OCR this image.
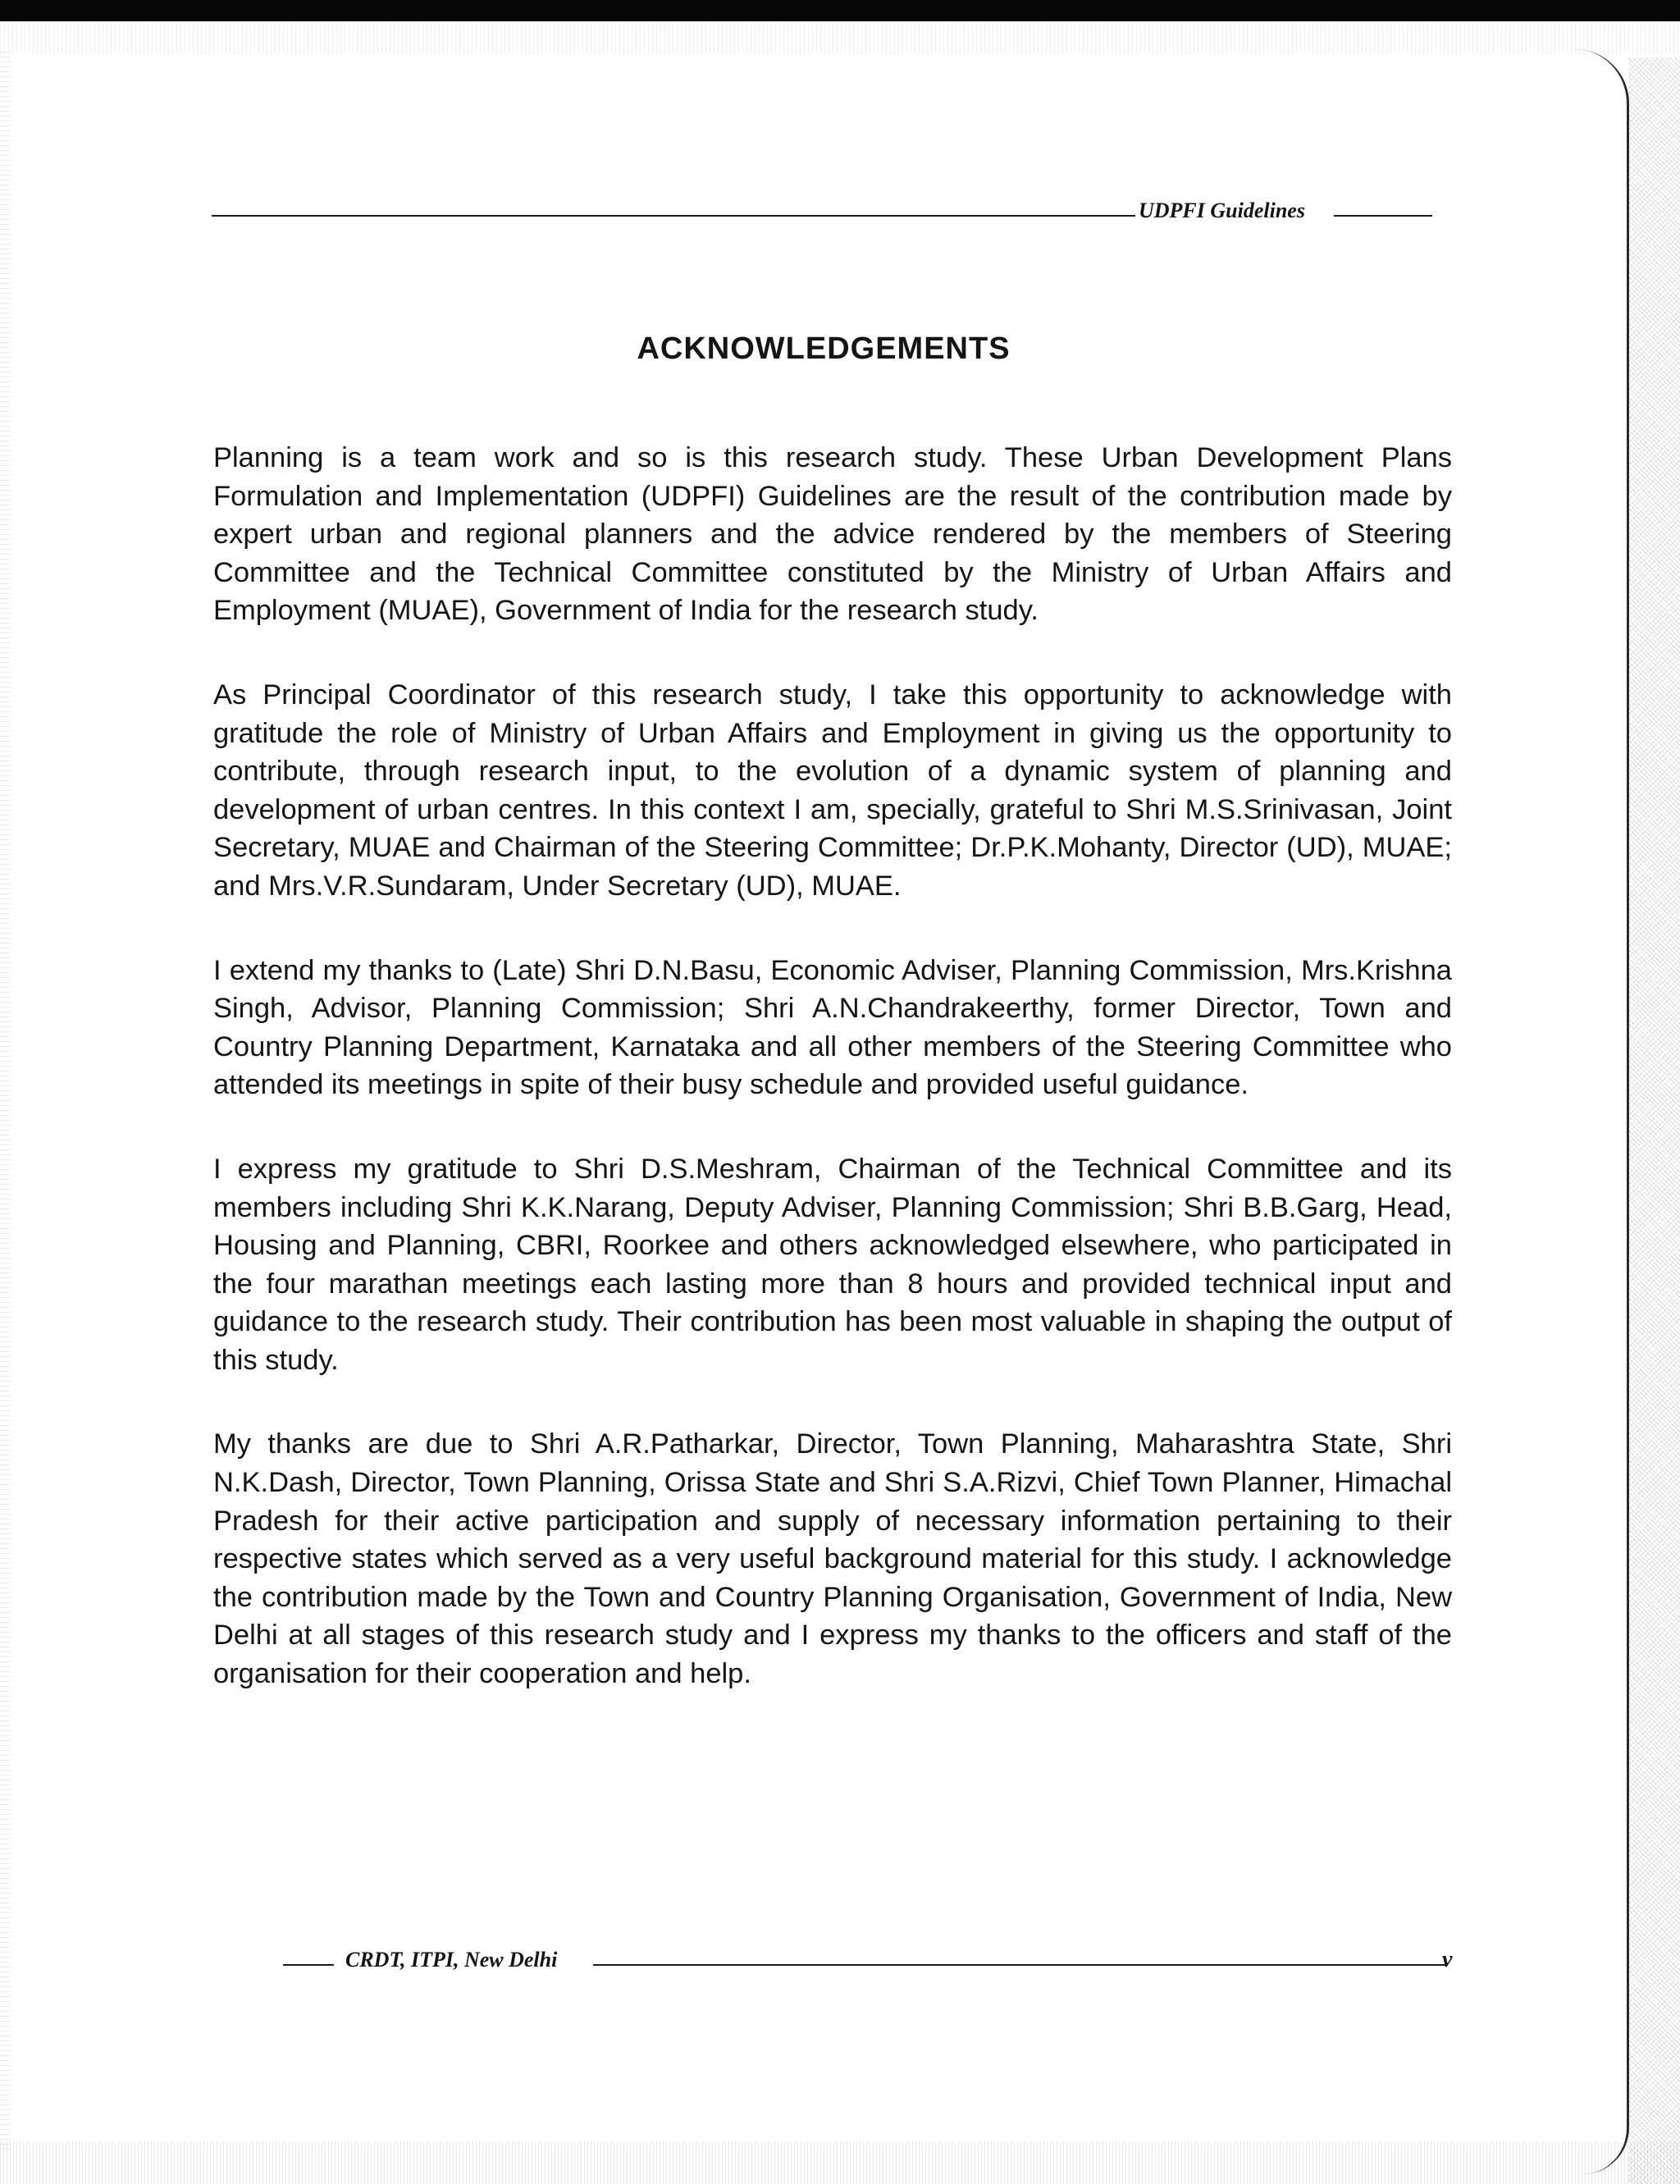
UDPFI Guidelines
ACKNOWLEDGEMENTS

Planning is a team work and so is this research study. These Urban Development Plans Formulation and Implementation (UDPFI) Guidelines are the result of the contribution made by expert urban and regional planners and the advice rendered by the members of Steering Committee and the Technical Committee constituted by the Ministry of Urban Affairs and Employment (MUAE), Government of India for the research study.

As Principal Coordinator of this research study, I take this opportunity to acknowledge with gratitude the role of Ministry of Urban Affairs and Employment in giving us the opportunity to contribute, through research input, to the evolution of a dynamic system of planning and development of urban centres. In this context I am, specially, grateful to Shri M.S.Srinivasan, Joint Secretary, MUAE and Chairman of the Steering Committee; Dr.P.K.Mohanty, Director (UD), MUAE; and Mrs.V.R.Sundaram, Under Secretary (UD), MUAE.

I extend my thanks to (Late) Shri D.N.Basu, Economic Adviser, Planning Commission, Mrs.Krishna Singh, Advisor, Planning Commission; Shri A.N.Chandrakeerthy, former Director, Town and Country Planning Department, Karnataka and all other members of the Steering Committee who attended its meetings in spite of their busy schedule and provided useful guidance.

I express my gratitude to Shri D.S.Meshram, Chairman of the Technical Committee and its members including Shri K.K.Narang, Deputy Adviser, Planning Commission; Shri B.B.Garg, Head, Housing and Planning, CBRI, Roorkee and others acknowledged elsewhere, who participated in the four marathan meetings each lasting more than 8 hours and provided technical input and guidance to the research study. Their contribution has been most valuable in shaping the output of this study.

My thanks are due to Shri A.R.Patharkar, Director, Town Planning, Maharashtra State, Shri N.K.Dash, Director, Town Planning, Orissa State and Shri S.A.Rizvi, Chief Town Planner, Himachal Pradesh for their active participation and supply of necessary information pertaining to their respective states which served as a very useful background material for this study. I acknowledge the contribution made by the Town and Country Planning Organisation, Government of India, New Delhi at all stages of this research study and I express my thanks to the officers and staff of the organisation for their cooperation and help.

CRDT, ITPI, New Delhi	v
